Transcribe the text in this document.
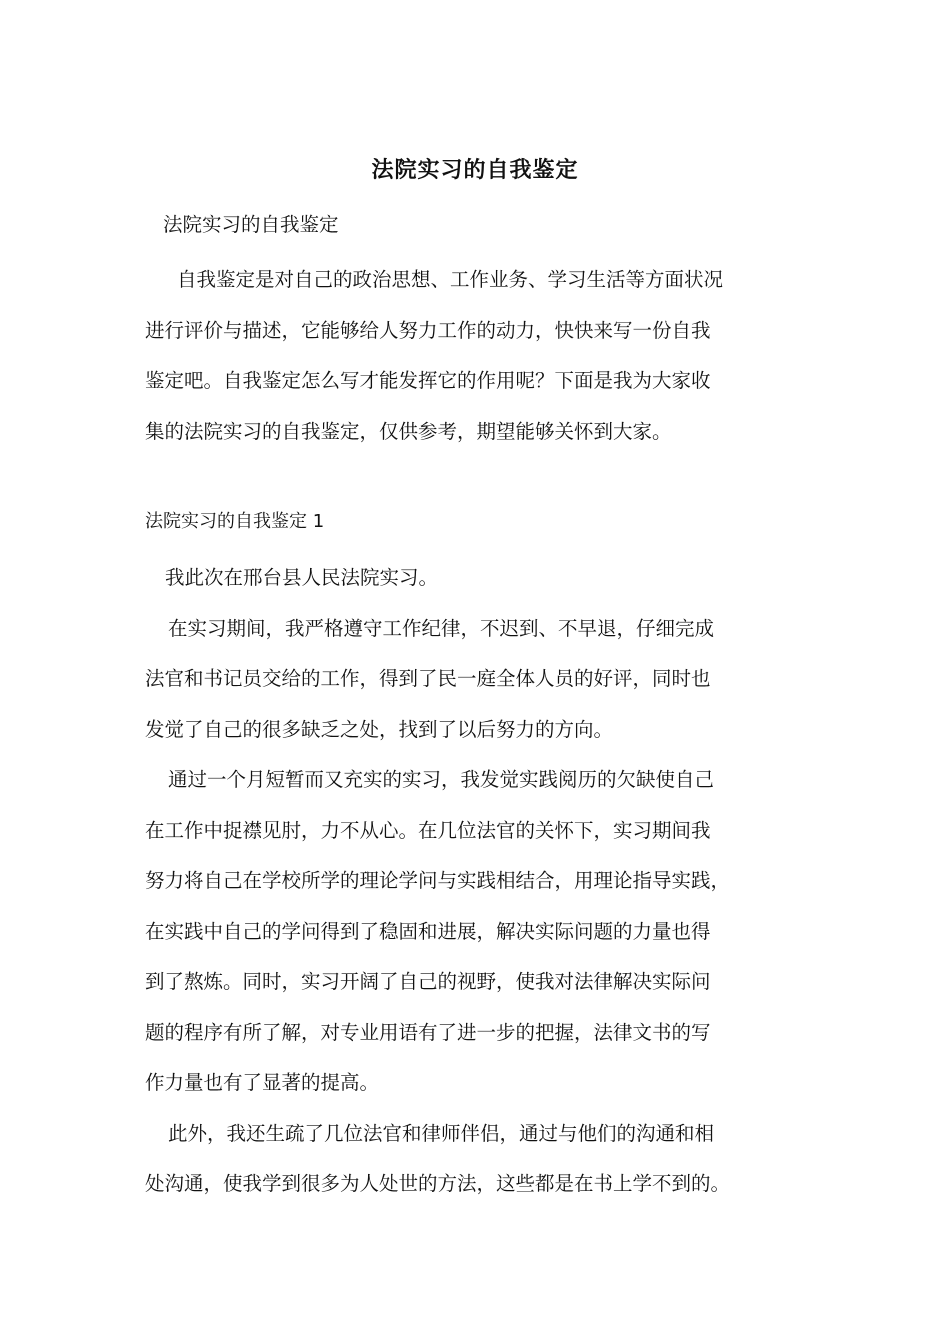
法院实习的自我鉴定
法院实习的自我鉴定
自我鉴定是对自己的政治思想、工作业务、学习生活等方面状况
进行评价与描述，它能够给人努力工作的动力，快快来写一份自我
鉴定吧。自我鉴定怎么写才能发挥它的作用呢？下面是我为大家收
集的法院实习的自我鉴定，仅供参考，期望能够关怀到大家。
法院实习的自我鉴定 1
我此次在邢台县人民法院实习。
在实习期间，我严格遵守工作纪律，不迟到、不早退，仔细完成
法官和书记员交给的工作，得到了民一庭全体人员的好评，同时也
发觉了自己的很多缺乏之处，找到了以后努力的方向。
通过一个月短暂而又充实的实习，我发觉实践阅历的欠缺使自己
在工作中捉襟见肘，力不从心。在几位法官的关怀下，实习期间我
努力将自己在学校所学的理论学问与实践相结合，用理论指导实践，
在实践中自己的学问得到了稳固和进展，解决实际问题的力量也得
到了熬炼。同时，实习开阔了自己的视野，使我对法律解决实际问
题的程序有所了解，对专业用语有了进一步的把握，法律文书的写
作力量也有了显著的提高。
此外，我还生疏了几位法官和律师伴侣，通过与他们的沟通和相
处沟通，使我学到很多为人处世的方法，这些都是在书上学不到的。
